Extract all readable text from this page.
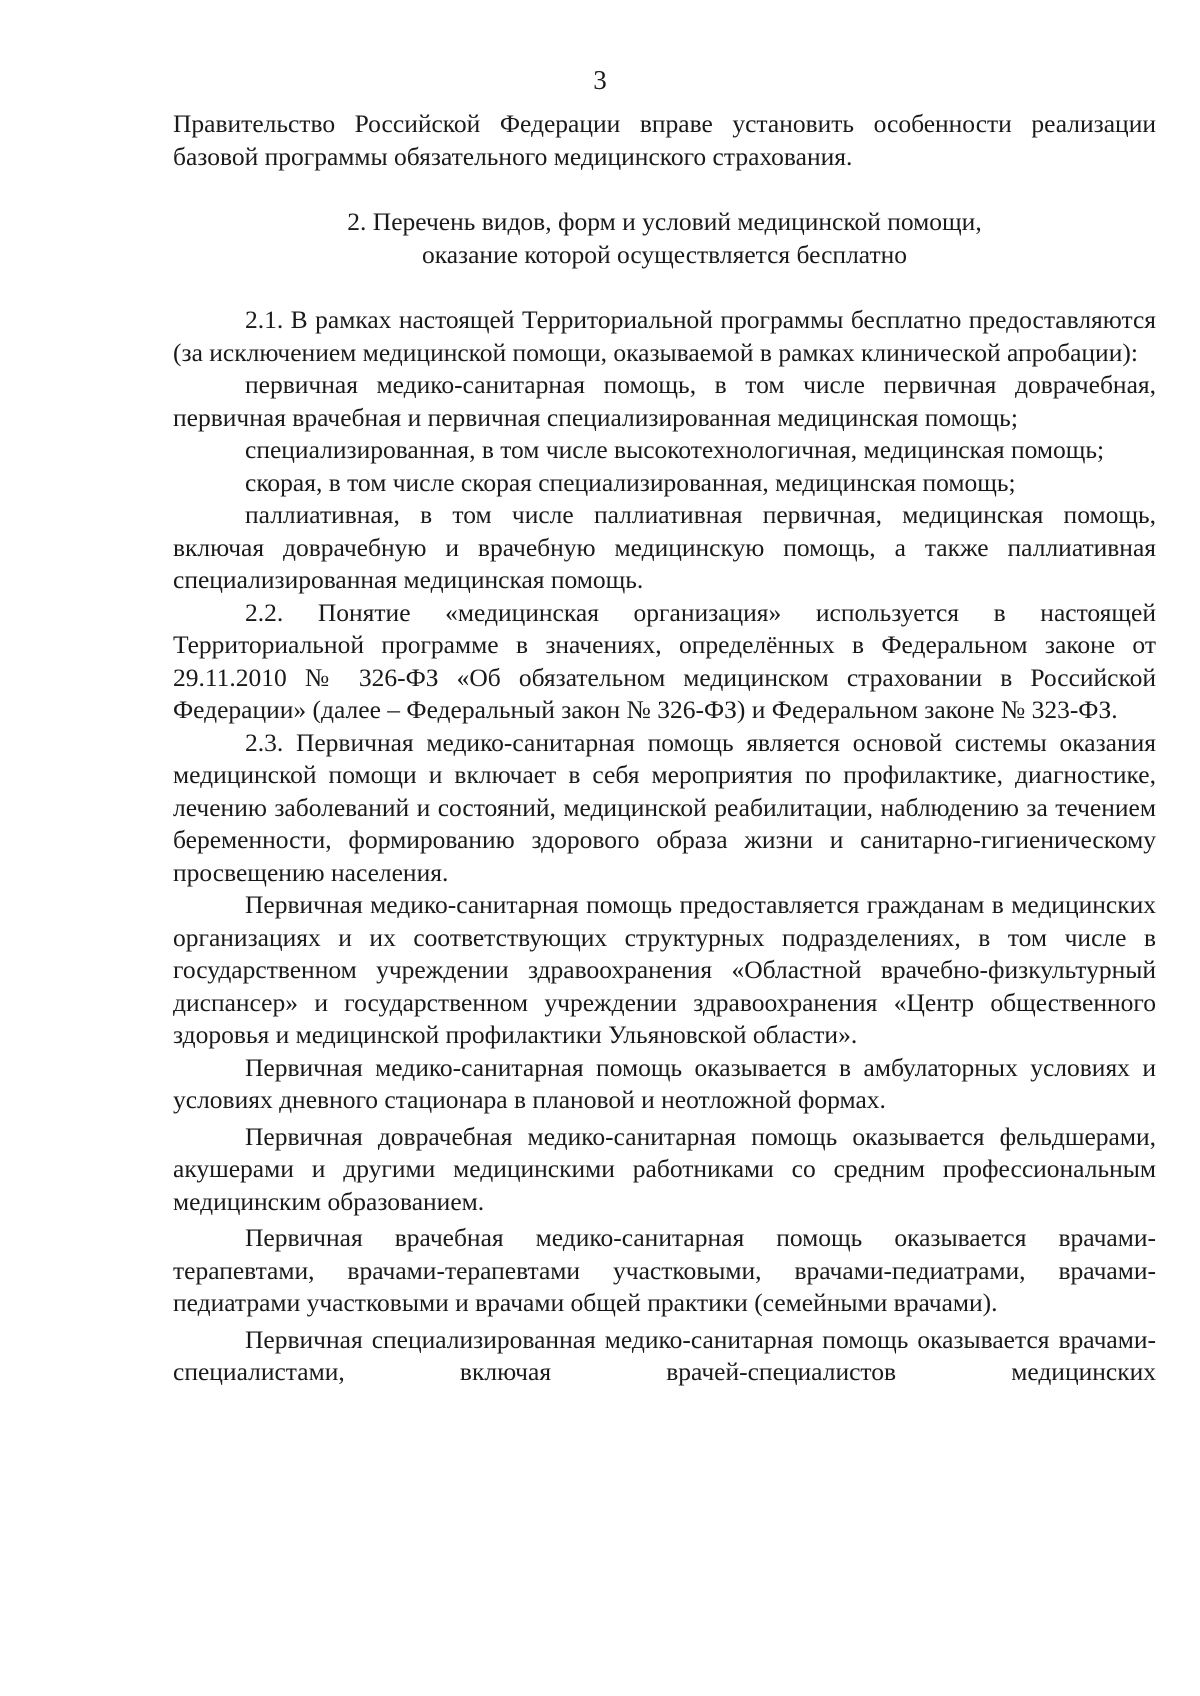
3

Правительство Российской Федерации вправе установить особенности реализации базовой программы обязательного медицинского страхования.

2. Перечень видов, форм и условий медицинской помощи,

оказание которой осуществляется бесплатно

2.1. В рамках настоящей Территориальной программы бесплатно предоставляются (за исключением медицинской помощи, оказываемой в рамках клинической апробации):

первичная медико-санитарная помощь, в том числе первичная доврачебная, первичная врачебная и первичная специализированная медицинская помощь;

специализированная, в том числе высокотехнологичная, медицинская помощь;

скорая, в том числе скорая специализированная, медицинская помощь;

паллиативная, в том числе паллиативная первичная, медицинская помощь, включая доврачебную и врачебную медицинскую помощь, а также паллиативная специализированная медицинская помощь.

2.2. Понятие «медицинская организация» используется в настоящей Территориальной программе в значениях, определённых в Федеральном законе от 29.11.2010 № 326-ФЗ «Об обязательном медицинском страховании в Российской Федерации» (далее – Федеральный закон № 326-ФЗ) и Федеральном законе № 323-ФЗ.

2.3. Первичная медико-санитарная помощь является основой системы оказания медицинской помощи и включает в себя мероприятия по профилактике, диагностике, лечению заболеваний и состояний, медицинской реабилитации, наблюдению за течением беременности, формированию здорового образа жизни и санитарно-гигиеническому просвещению населения.

Первичная медико-санитарная помощь предоставляется гражданам в медицинских организациях и их соответствующих структурных подразделениях, в том числе в государственном учреждении здравоохранения «Областной врачебно-физкультурный диспансер» и государственном учреждении здравоохранения «Центр общественного здоровья и медицинской профилактики Ульяновской области».

Первичная медико-санитарная помощь оказывается в амбулаторных условиях и условиях дневного стационара в плановой и неотложной формах.

Первичная доврачебная медико-санитарная помощь оказывается фельдшерами, акушерами и другими медицинскими работниками со средним профессиональным медицинским образованием.

Первичная врачебная медико-санитарная помощь оказывается врачами-терапевтами, врачами-терапевтами участковыми, врачами-педиатрами, врачами-педиатрами участковыми и врачами общей практики (семейными врачами).

Первичная специализированная медико-санитарная помощь оказывается врачами-специалистами, включая врачей-специалистов медицинских
